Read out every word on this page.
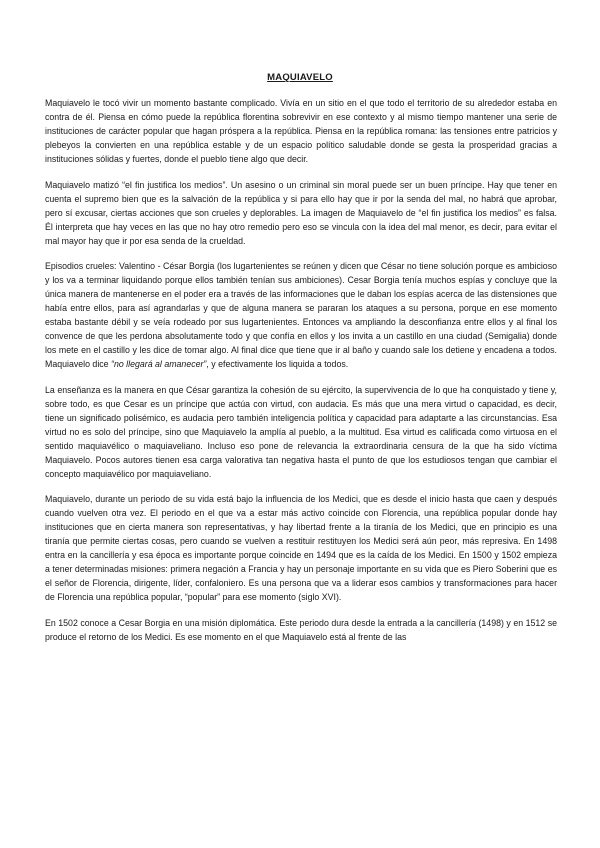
MAQUIAVELO

Maquiavelo le tocó vivir un momento bastante complicado. Vivía en un sitio en el que todo el territorio de su alrededor estaba en contra de él. Piensa en cómo puede la república florentina sobrevivir en ese contexto y al mismo tiempo mantener una serie de instituciones de carácter popular que hagan próspera a la república. Piensa en la república romana: las tensiones entre patricios y plebeyos la convierten en una república estable y de un espacio político saludable donde se gesta la prosperidad gracias a instituciones sólidas y fuertes, donde el pueblo tiene algo que decir.

Maquiavelo matizó “el fin justifica los medios”. Un asesino o un criminal sin moral puede ser un buen príncipe. Hay que tener en cuenta el supremo bien que es la salvación de la república y si para ello hay que ir por la senda del mal, no habrá que aprobar, pero sí excusar, ciertas acciones que son crueles y deplorables. La imagen de Maquiavelo de “el fin justifica los medios” es falsa. Él interpreta que hay veces en las que no hay otro remedio pero eso se vincula con la idea del mal menor, es decir, para evitar el mal mayor hay que ir por esa senda de la crueldad.

Episodios crueles: Valentino - César Borgia (los lugartenientes se reúnen y dicen que César no tiene solución porque es ambicioso y los va a terminar liquidando porque ellos también tenían sus ambiciones). Cesar Borgia tenía muchos espías y concluye que la única manera de mantenerse en el poder era a través de las informaciones que le daban los espías acerca de las distensiones que había entre ellos, para así agrandarlas y que de alguna manera se pararan los ataques a su persona, porque en ese momento estaba bastante débil y se veía rodeado por sus lugartenientes. Entonces va ampliando la desconfianza entre ellos y al final los convence de que les perdona absolutamente todo y que confía en ellos y los invita a un castillo en una ciudad (Semigalia) donde los mete en el castillo y les dice de tomar algo. Al final dice que tiene que ir al baño y cuando sale los detiene y encadena a todos. Maquiavelo dice “no llegará al amanecer”, y efectivamente los liquida a todos.

La enseñanza es la manera en que César garantiza la cohesión de su ejército, la supervivencia de lo que ha conquistado y tiene y, sobre todo, es que Cesar es un príncipe que actúa con virtud, con audacia. Es más que una mera virtud o capacidad, es decir, tiene un significado polisémico, es audacia pero también inteligencia política y capacidad para adaptarte a las circunstancias. Esa virtud no es solo del príncipe, sino que Maquiavelo la amplía al pueblo, a la multitud. Esa virtud es calificada como virtuosa en el sentido maquiavélico o maquiaveliano. Incluso eso pone de relevancia la extraordinaria censura de la que ha sido víctima Maquiavelo. Pocos autores tienen esa carga valorativa tan negativa hasta el punto de que los estudiosos tengan que cambiar el concepto maquiavélico por maquiaveliano.

Maquiavelo, durante un periodo de su vida está bajo la influencia de los Medici, que es desde el inicio hasta que caen y después cuando vuelven otra vez. El periodo en el que va a estar más activo coincide con Florencia, una república popular donde hay instituciones que en cierta manera son representativas, y hay libertad frente a la tiranía de los Medici, que en principio es una tiranía que permite ciertas cosas, pero cuando se vuelven a restituir restituyen los Medici será aún peor, más represiva. En 1498 entra en la cancillería y esa época es importante porque coincide en 1494 que es la caída de los Medici. En 1500 y 1502 empieza a tener determinadas misiones: primera negación a Francia y hay un personaje importante en su vida que es Piero Soberini que es el señor de Florencia, dirigente, líder, confaloniero. Es una persona que va a liderar esos cambios y transformaciones para hacer de Florencia una república popular, “popular” para ese momento (siglo XVI).

En 1502 conoce a Cesar Borgia en una misión diplomática. Este periodo dura desde la entrada a la cancillería (1498) y en 1512 se produce el retorno de los Medici. Es ese momento en el que Maquiavelo está al frente de las
